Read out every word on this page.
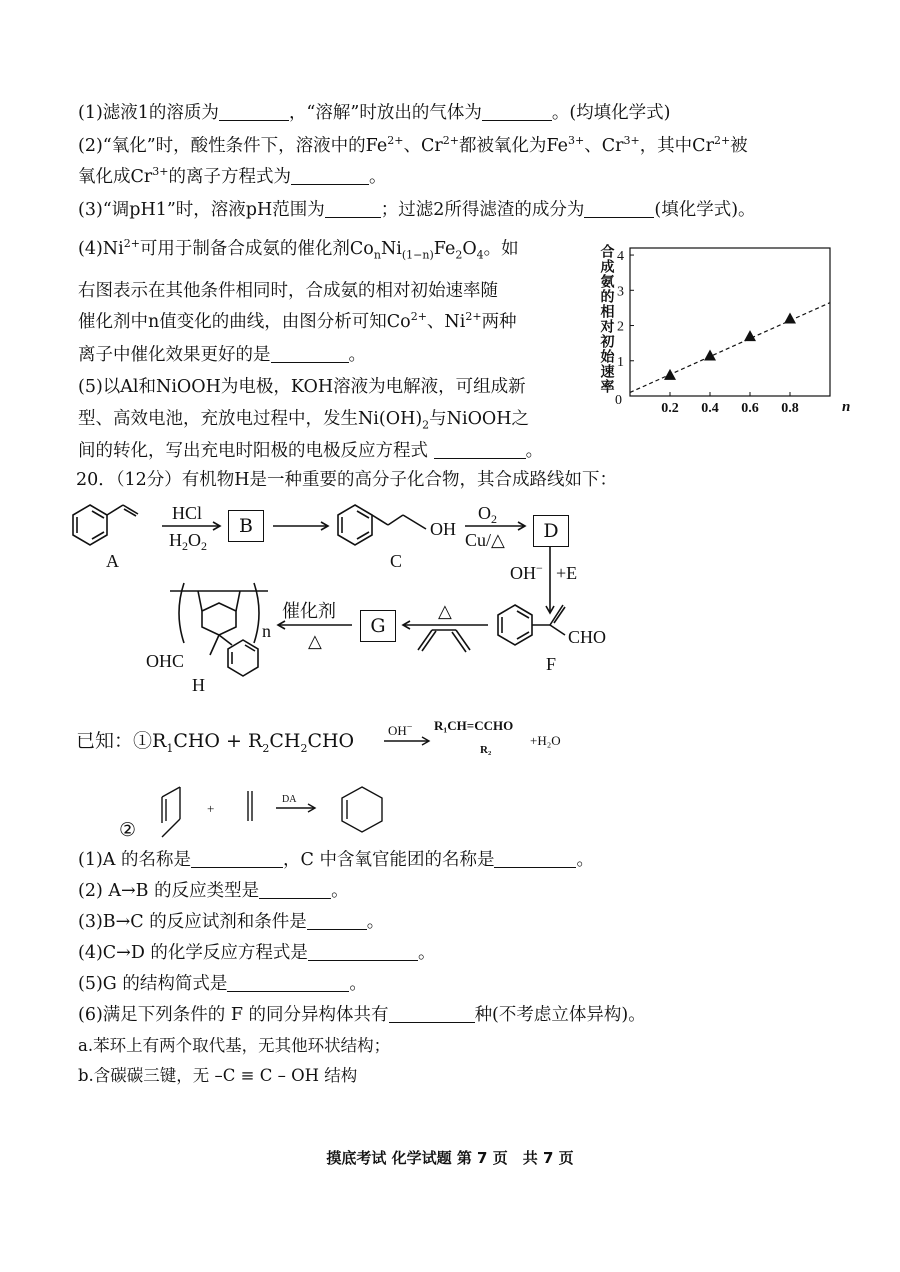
(1)滤液1的溶质为	，“溶解”时放出的气体为	。(均填化学式)
(2)“氧化”时，酸性条件下，溶液中的$Fe^{2+}$、$Cr^{2+}$都被氧化为$Fe^{3+}$、$Cr^{3+}$，其中$Cr^{2+}$被
氧化成$Cr^{3+}$的离子方程式为	。
(3)“调pH1”时，溶液pH范围为	；过滤2所得滤渣的成分为	(填化学式)。
$(4)Ni^{2+}$可用于制备合成氨的催化剂$Co_nNi_{(1-n)}Fe_2O_4$。如
右图表示在其他条件相同时，合成氨的相对初始速率随
催化剂中n值变化的曲线，由图分析可知$Co^{2+}$、$Ni^{2+}$两种
离子中催化效果更好的是	。
(5)以Al和NiOOH为电极，KOH溶液为电解液，可组成新
型、高效电池，充放电过程中，发生$Ni(OH)_2$与NiOOH之
间的转化，写出充电时阳极的电极反应方程式	。
合成氨的相对初始速率 1
2
3
4
0
0.2 0.4 0.6 0.8	n
20．（12分）有机物H是一种重要的高分子化合物，其合成路线如下：
HCl
$H_2O_2$
A
OH
C
$O_2$
Cu/△
OH− +E
CHO
F
△
催化剂
△
n
OHC
H
B	D
G
已知：$①R_1CHO + R_2CH_2CHO$	OH− R₁CH=CCHO
R₂
+H₂O
+
DA
②
(1)A 的名称是	，C 中含氧官能团的名称是	。
(2) A→B 的反应类型是	。
(3)B→C 的反应试剂和条件是	。
(4)C→D 的化学反应方程式是	。
(5)G 的结构简式是	。
(6)满足下列条件的 F 的同分异构体共有	种(不考虑立体异构)。
a.苯环上有两个取代基，无其他环状结构；
b.含碳碳三键，无 –C ≡ C – OH 结构
摸底考试 化学试题 第 7 页　共 7 页
